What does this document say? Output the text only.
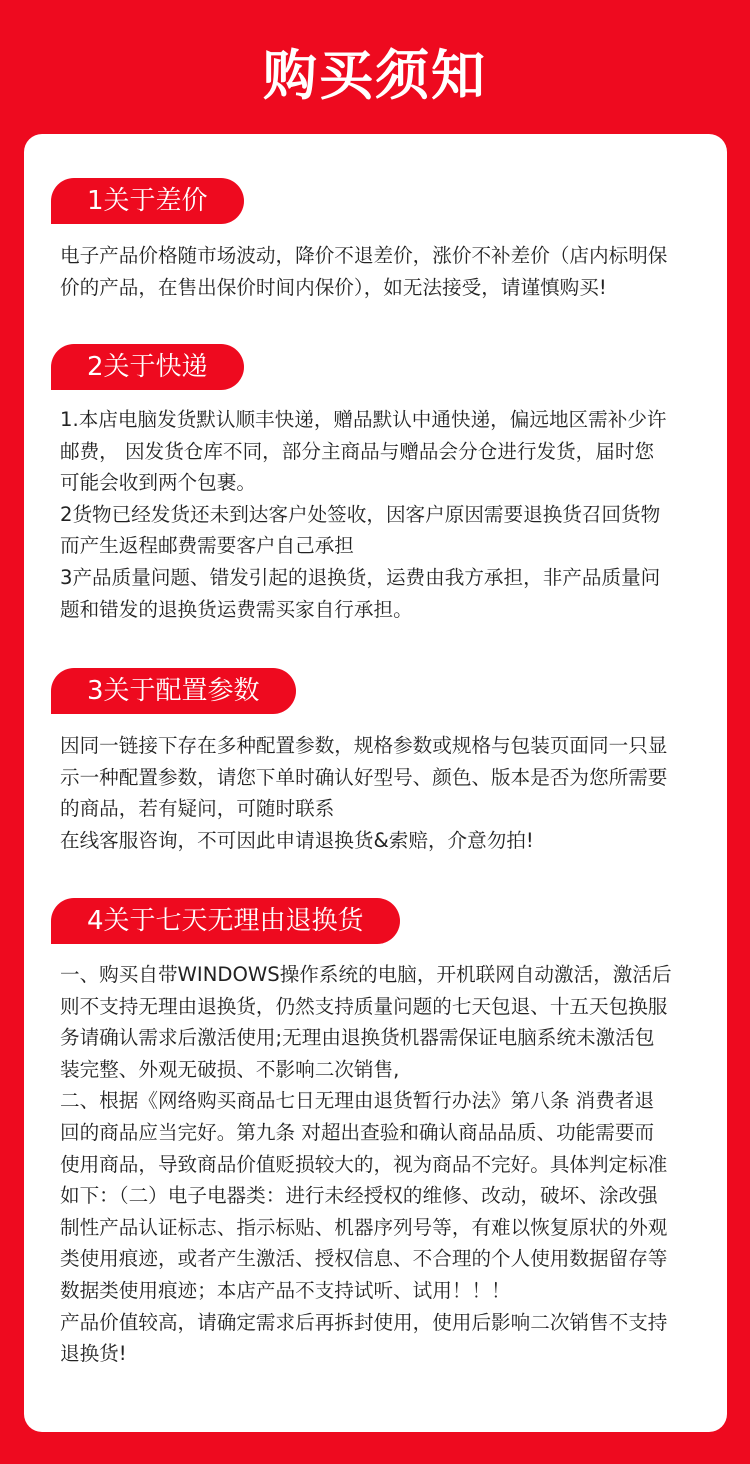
购买须知
1关于差价
电子产品价格随市场波动，降价不退差价，涨价不补差价（店内标明保
价的产品，在售出保价时间内保价），如无法接受，请谨慎购买!
2关于快递
1.本店电脑发货默认顺丰快递，赠品默认中通快递，偏远地区需补少许
邮费， 因发货仓库不同，部分主商品与赠品会分仓进行发货，届时您
可能会收到两个包裹。
2货物已经发货还未到达客户处签收，因客户原因需要退换货召回货物
而产生返程邮费需要客户自己承担
3产品质量问题、错发引起的退换货，运费由我方承担，非产品质量问
题和错发的退换货运费需买家自行承担。
3关于配置参数
因同一链接下存在多种配置参数，规格参数或规格与包装页面同一只显
示一种配置参数，请您下单时确认好型号、颜色、版本是否为您所需要
的商品，若有疑问，可随时联系
在线客服咨询，不可因此申请退换货&索赔，介意勿拍!
4关于七天无理由退换货
一、购买自带WINDOWS操作系统的电脑，开机联网自动激活，激活后
则不支持无理由退换货，仍然支持质量问题的七天包退、十五天包换服
务请确认需求后激活使用;无理由退换货机器需保证电脑系统未激活包
装完整、外观无破损、不影响二次销售,
二、根据《网络购买商品七日无理由退货暂行办法》第八条 消费者退
回的商品应当完好。第九条 对超出查验和确认商品品质、功能需要而
使用商品，导致商品价值贬损较大的，视为商品不完好。具体判定标准
如下：（二）电子电器类：进行未经授权的维修、改动，破坏、涂改强
制性产品认证标志、指示标贴、机器序列号等，有难以恢复原状的外观
类使用痕迹，或者产生激活、授权信息、不合理的个人使用数据留存等
数据类使用痕迹；本店产品不支持试听、试用！！！
产品价值较高，请确定需求后再拆封使用，使用后影响二次销售不支持
退换货!
